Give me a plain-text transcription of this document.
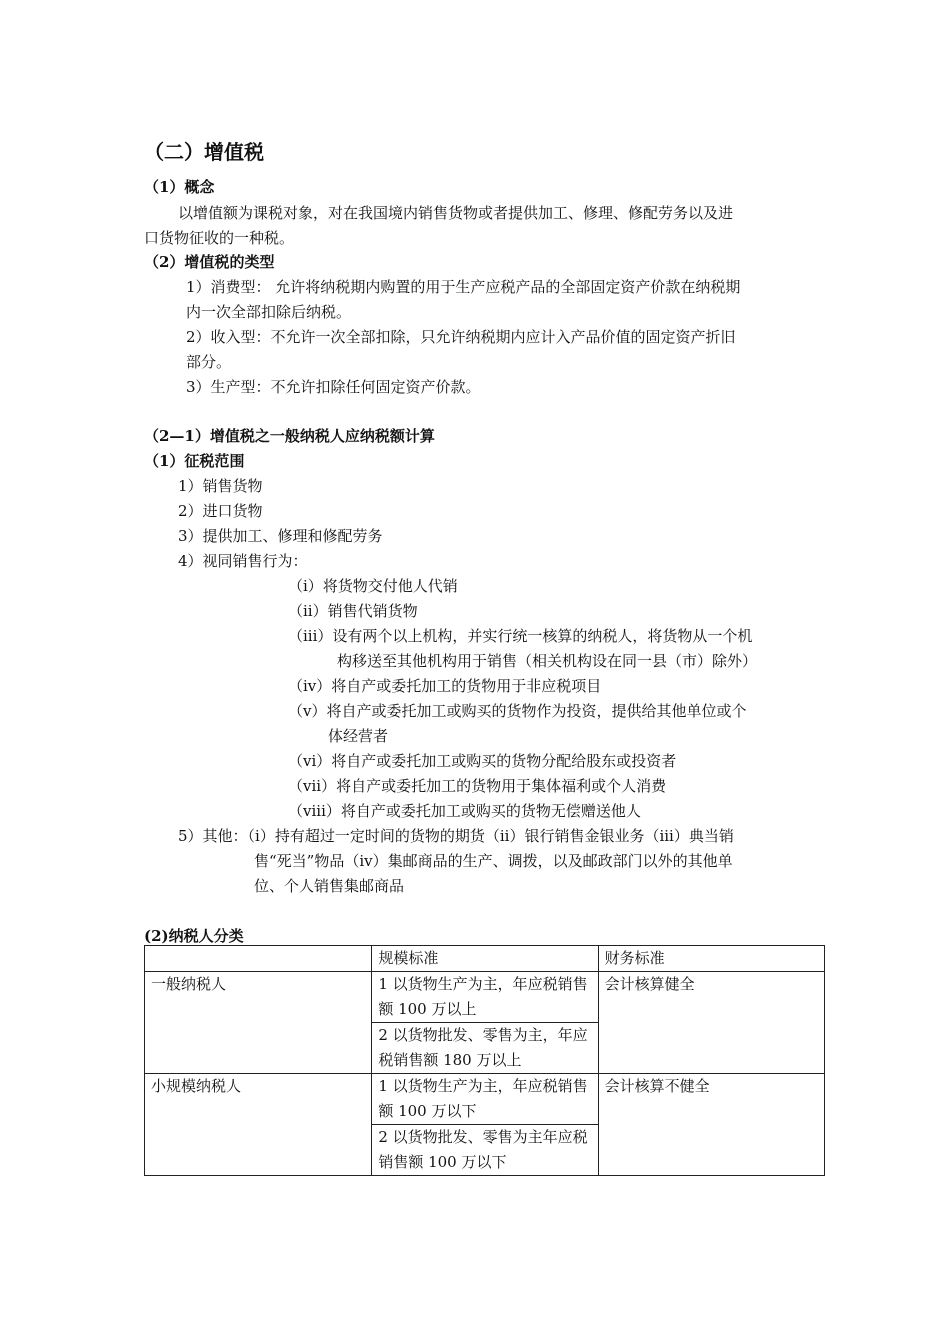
（二）增值税
（1）概念
以增值额为课税对象，对在我国境内销售货物或者提供加工、修理、修配劳务以及进
口货物征收的一种税。
（2）增值税的类型
1）消费型： 允许将纳税期内购置的用于生产应税产品的全部固定资产价款在纳税期
内一次全部扣除后纳税。
2）收入型：不允许一次全部扣除，只允许纳税期内应计入产品价值的固定资产折旧
部分。
3）生产型：不允许扣除任何固定资产价款。
（2—1）增值税之一般纳税人应纳税额计算
（1）征税范围
1）销售货物
2）进口货物
3）提供加工、修理和修配劳务
4）视同销售行为：
（i）将货物交付他人代销
（ii）销售代销货物
（iii）设有两个以上机构，并实行统一核算的纳税人，将货物从一个机
构移送至其他机构用于销售（相关机构设在同一县（市）除外）
（iv）将自产或委托加工的货物用于非应税项目
（v）将自产或委托加工或购买的货物作为投资，提供给其他单位或个
体经营者
（vi）将自产或委托加工或购买的货物分配给股东或投资者
（vii）将自产或委托加工的货物用于集体福利或个人消费
（viii）将自产或委托加工或购买的货物无偿赠送他人
5）其他：（i）持有超过一定时间的货物的期货（ii）银行销售金银业务（iii）典当销
售“死当”物品（iv）集邮商品的生产、调拨，以及邮政部门以外的其他单
位、个人销售集邮商品
(2)纳税人分类
	规模标准	财务标准
一般纳税人	1 以货物生产为主，年应税销售额 100 万以上	会计核算健全
	2 以货物批发、零售为主，年应税销售额 180 万以上	
小规模纳税人	1 以货物生产为主，年应税销售额 100 万以下	会计核算不健全
	2 以货物批发、零售为主年应税销售额 100 万以下	
